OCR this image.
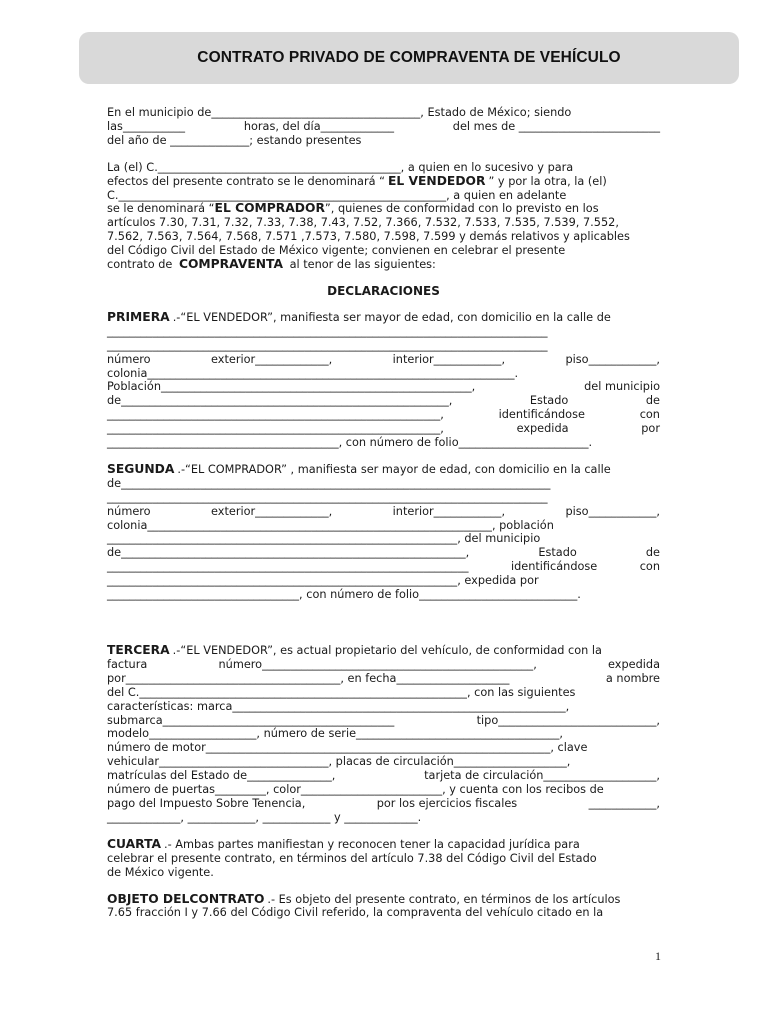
CONTRATO PRIVADO DE COMPRAVENTA DE VEHÍCULO
En el municipio de_____________________________________, Estado de México; siendo
las___________	horas, del día_____________	del mes de _________________________
del año de ______________; estando presentes
La (el) C.___________________________________________, a quien en lo sucesivo y para
efectos del presente contrato se le denominará “ EL VENDEDOR ” y por la otra, la (el)
C.__________________________________________________________, a quien en adelante
se le denominará “EL COMPRADOR”, quienes de conformidad con lo previsto en los
artículos 7.30, 7.31, 7.32, 7.33, 7.38, 7.43, 7.52, 7.366, 7.532, 7.533, 7.535, 7.539, 7.552,
7.562, 7.563, 7.564, 7.568, 7.571 ,7.573, 7.580, 7.598, 7.599 y demás relativos y aplicables
del Código Civil del Estado de México vigente; convienen en celebrar el presente
contrato de COMPRAVENTA al tenor de las siguientes:
DECLARACIONES
PRIMERA .-“EL VENDEDOR”, manifiesta ser mayor de edad, con domicilio en la calle de
______________________________________________________________________________
______________________________________________________________________________
número	exterior_____________,	interior____________,	piso____________,
colonia_________________________________________________________________.
Población_______________________________________________________,	del municipio
de__________________________________________________________,	Estado	de
___________________________________________________________,	identificándose	con
___________________________________________________________,	expedida	por
_________________________________________, con número de folio_______________________.
SEGUNDA .-“EL COMPRADOR” , manifiesta ser mayor de edad, con domicilio en la calle
de____________________________________________________________________________
______________________________________________________________________________
número	exterior_____________,	interior____________,	piso____________,
colonia_____________________________________________________________, población
______________________________________________________________, del municipio
de_____________________________________________________________,	Estado	de
________________________________________________________________	identificándose	con
______________________________________________________________, expedida por
__________________________________, con número de folio____________________________.
TERCERA .-“EL VENDEDOR”, es actual propietario del vehículo, de conformidad con la
factura	número________________________________________________,	expedida
por______________________________________, en fecha____________________	a nombre
del C.__________________________________________________________, con las siguientes
características: marca___________________________________________________________,
submarca_________________________________________	tipo____________________________,
modelo___________________, número de serie____________________________________,
número de motor_____________________________________________________________, clave
vehicular______________________________, placas de circulación____________________,
matrículas del Estado de_______________,	tarjeta de circulación____________________,
número de puertas_________, color_________________________, y cuenta con los recibos de
pago del Impuesto Sobre Tenencia,	por los ejercicios fiscales	____________,
_____________, ____________, ____________ y _____________.
CUARTA .- Ambas partes manifiestan y reconocen tener la capacidad jurídica para
celebrar el presente contrato, en términos del artículo 7.38 del Código Civil del Estado
de México vigente.
OBJETO DELCONTRATO .- Es objeto del presente contrato, en términos de los artículos
7.65 fracción I y 7.66 del Código Civil referido, la compraventa del vehículo citado en la
1
